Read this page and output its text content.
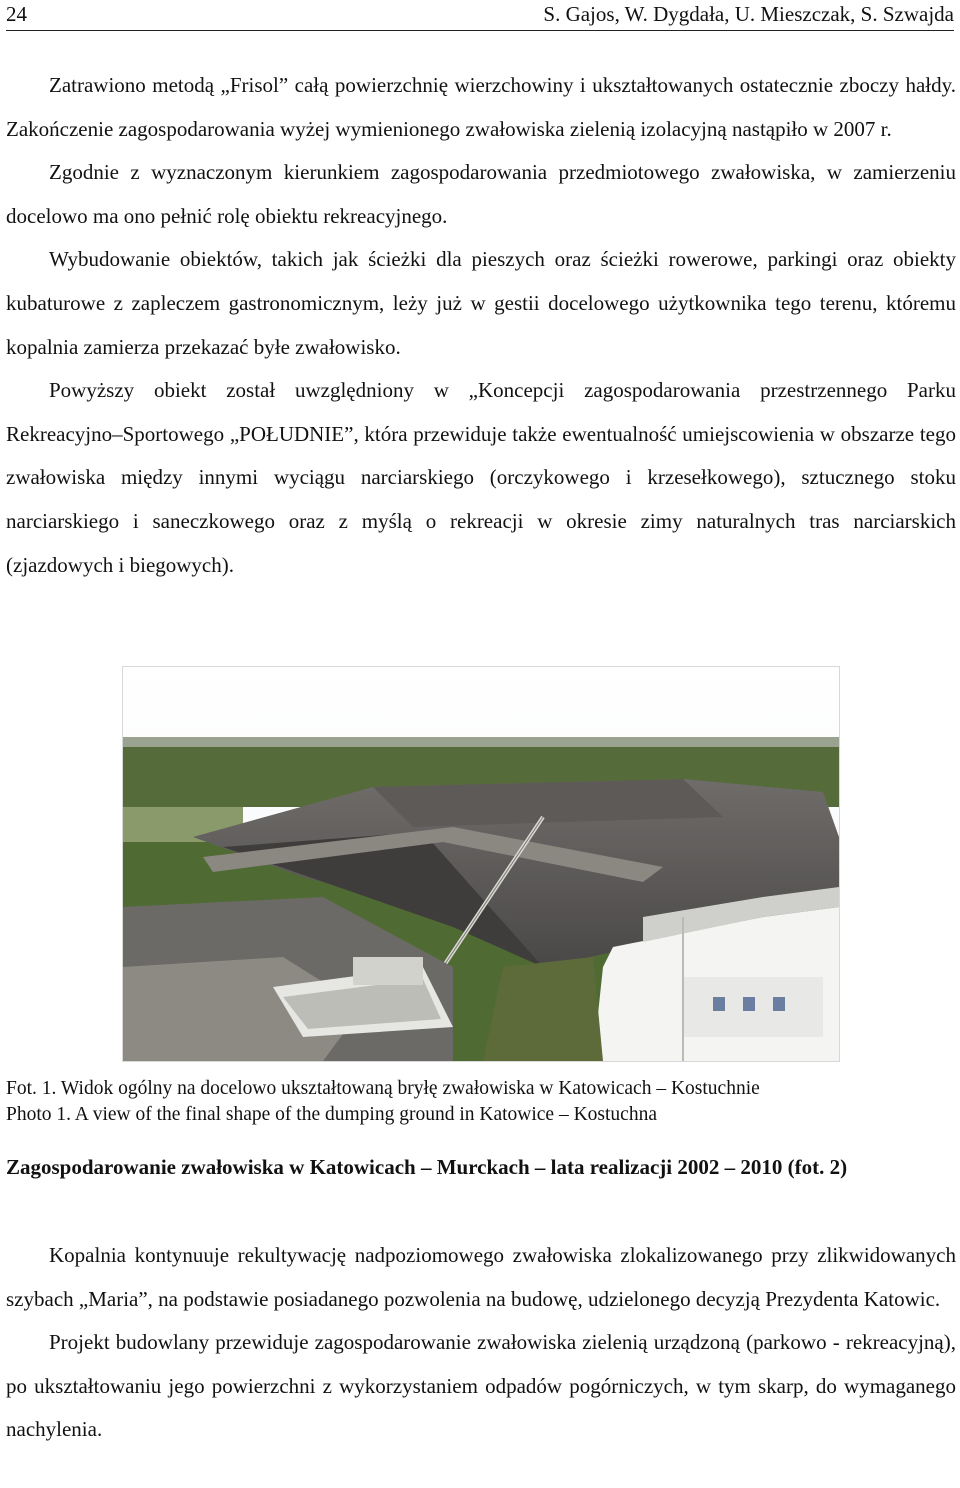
24	S. Gajos, W. Dygdała, U. Mieszczak, S. Szwajda

Zatrawiono metodą „Frisol” całą powierzchnię wierzchowiny i ukształtowanych ostatecznie zboczy hałdy. Zakończenie zagospodarowania wyżej wymienionego zwałowiska zielenią izolacyjną nastąpiło w 2007 r.

Zgodnie z wyznaczonym kierunkiem zagospodarowania przedmiotowego zwałowiska, w zamierzeniu docelowo ma ono pełnić rolę obiektu rekreacyjnego.

Wybudowanie obiektów, takich jak ścieżki dla pieszych oraz ścieżki rowerowe, parkingi oraz obiekty kubaturowe z zapleczem gastronomicznym, leży już w gestii docelowego użytkownika tego terenu, któremu kopalnia zamierza przekazać byłe zwałowisko.

Powyższy obiekt został uwzględniony w „Koncepcji zagospodarowania przestrzennego Parku Rekreacyjno–Sportowego „POŁUDNIE”, która przewiduje także ewentualność umiejscowienia w obszarze tego zwałowiska między innymi wyciągu narciarskiego (orczykowego i krzesełkowego), sztucznego stoku narciarskiego i saneczkowego oraz z myślą o rekreacji w okresie zimy naturalnych tras narciarskich (zjazdowych i biegowych).

Fot. 1. Widok ogólny na docelowo ukształtowaną bryłę zwałowiska w Katowicach – Kostuchnie
Photo 1. A view of the final shape of the dumping ground in Katowice – Kostuchna
Zagospodarowanie zwałowiska w Katowicach – Murckach – lata realizacji 2002 – 2010 (fot. 2)

Kopalnia kontynuuje rekultywację nadpoziomowego zwałowiska zlokalizowanego przy zlikwidowanych szybach „Maria”, na podstawie posiadanego pozwolenia na budowę, udzielonego decyzją Prezydenta Katowic.

Projekt budowlany przewiduje zagospodarowanie zwałowiska zielenią urządzoną (parkowo - rekreacyjną), po ukształtowaniu jego powierzchni z wykorzystaniem odpadów pogórniczych, w tym skarp, do wymaganego nachylenia.
